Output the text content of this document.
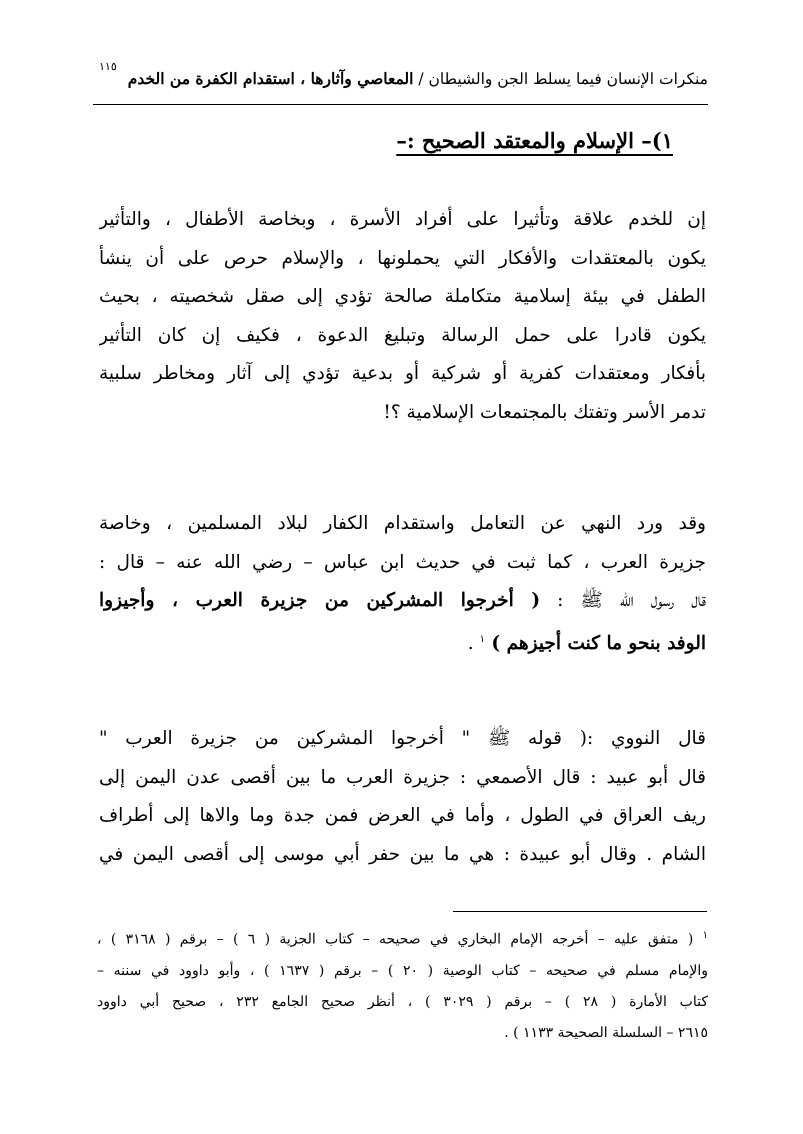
١١٥
منكرات الإنسان فيما يسلط الجن والشيطان / المعاصي وآثارها ، استقدام الكفرة من الخدم
١)– الإسلام والمعتقد الصحيح :–
إن للخدم علاقة وتأثيرا على أفراد الأسرة ، وبخاصة الأطفال ، والتأثير
يكون بالمعتقدات والأفكار التي يحملونها ، والإسلام حرص على أن ينشأ
الطفل في بيئة إسلامية متكاملة صالحة تؤدي إلى صقل شخصيته ، بحيث
يكون قادرا على حمل الرسالة وتبليغ الدعوة ، فكيف إن كان التأثير
بأفكار ومعتقدات كفرية أو شركية أو بدعية تؤدي إلى آثار ومخاطر سلبية
تدمر الأسر وتفتك بالمجتمعات الإسلامية ؟!
وقد ورد النهي عن التعامل واستقدام الكفار لبلاد المسلمين ، وخاصة
جزيرة العرب ، كما ثبت في حديث ابن عباس – رضي الله عنه – قال :
قال رسول الله ﷺ : ( أخرجوا المشركين من جزيرة العرب ، وأجيزوا
الوفد بنحو ما كنت أجيزهم ) $^١$ .
قال النووي :( قوله ﷺ " أخرجوا المشركين من جزيرة العرب "
قال أبو عبيد : قال الأصمعي : جزيرة العرب ما بين أقصى عدن اليمن إلى
ريف العراق في الطول ، وأما في العرض فمن جدة وما والاها إلى أطراف
الشام . وقال أبو عبيدة : هي ما بين حفر أبي موسى إلى أقصى اليمن في
$^١$ ( متفق عليه – أخرجه الإمام البخاري في صحيحه – كتاب الجزية ( ٦ ) – برقم ( ٣١٦٨ ) ،
والإمام مسلم في صحيحه – كتاب الوصية ( ٢٠ ) – برقم ( ١٦٣٧ ) ، وأبو داوود في سننه –
كتاب الأمارة ( ٢٨ ) – برقم ( ٣٠٢٩ ) ، أنظر صحيح الجامع ٢٣٢ ، صحيح أبي داوود
٢٦١٥ – السلسلة الصحيحة ١١٣٣ ) .
